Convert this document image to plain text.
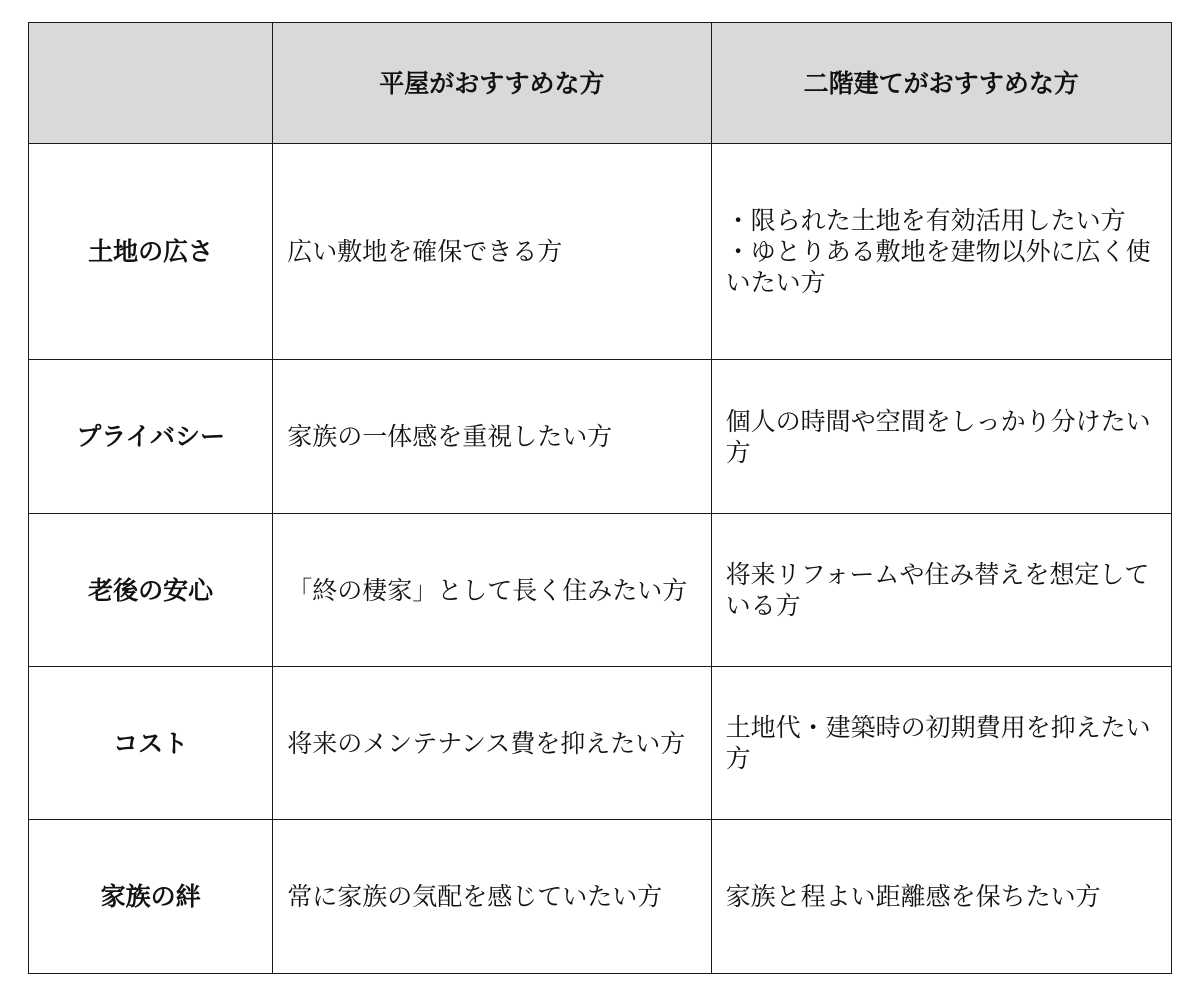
	平屋がおすすめな方	二階建てがおすすめな方
土地の広さ	広い敷地を確保できる方	・限られた土地を有効活用したい方
・ゆとりある敷地を建物以外に広く使いたい方

プライバシー	家族の一体感を重視したい方	個人の時間や空間をしっかり分けたい方

老後の安心	「終の棲家」として長く住みたい方	将来リフォームや住み替えを想定している方

コスト	将来のメンテナンス費を抑えたい方	土地代・建築時の初期費用を抑えたい方

家族の絆	常に家族の気配を感じていたい方	家族と程よい距離感を保ちたい方
